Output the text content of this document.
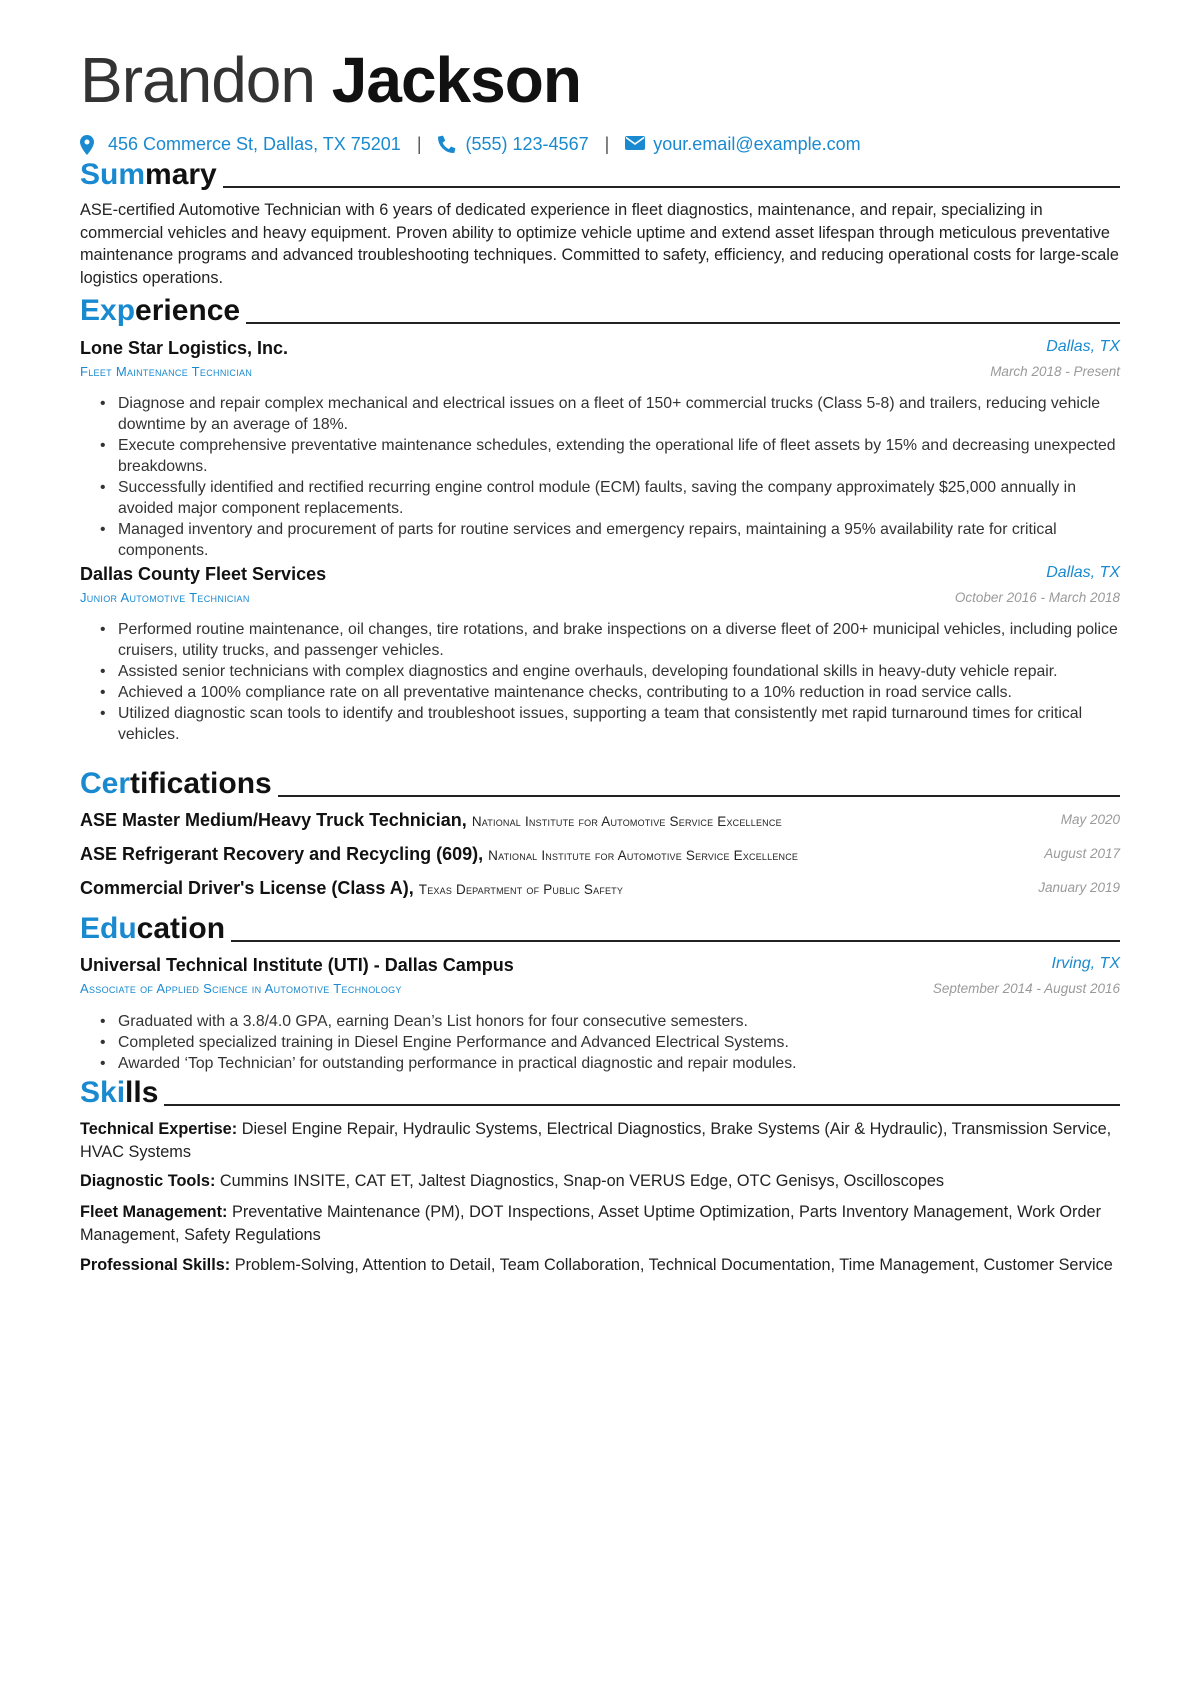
Brandon Jackson
456 Commerce St, Dallas, TX 75201 | (555) 123-4567 | your.email@example.com
Summary
ASE-certified Automotive Technician with 6 years of dedicated experience in fleet diagnostics, maintenance, and repair, specializing in commercial vehicles and heavy equipment. Proven ability to optimize vehicle uptime and extend asset lifespan through meticulous preventative maintenance programs and advanced troubleshooting techniques. Committed to safety, efficiency, and reducing operational costs for large-scale logistics operations.
Experience
Lone Star Logistics, Inc.	Dallas, TX
Fleet Maintenance Technician	March 2018 - Present
• Diagnose and repair complex mechanical and electrical issues on a fleet of 150+ commercial trucks (Class 5-8) and trailers, reducing vehicle downtime by an average of 18%.
• Execute comprehensive preventative maintenance schedules, extending the operational life of fleet assets by 15% and decreasing unexpected breakdowns.
• Successfully identified and rectified recurring engine control module (ECM) faults, saving the company approximately $25,000 annually in avoided major component replacements.
• Managed inventory and procurement of parts for routine services and emergency repairs, maintaining a 95% availability rate for critical components.
Dallas County Fleet Services	Dallas, TX
Junior Automotive Technician	October 2016 - March 2018
• Performed routine maintenance, oil changes, tire rotations, and brake inspections on a diverse fleet of 200+ municipal vehicles, including police cruisers, utility trucks, and passenger vehicles.
• Assisted senior technicians with complex diagnostics and engine overhauls, developing foundational skills in heavy-duty vehicle repair.
• Achieved a 100% compliance rate on all preventative maintenance checks, contributing to a 10% reduction in road service calls.
• Utilized diagnostic scan tools to identify and troubleshoot issues, supporting a team that consistently met rapid turnaround times for critical vehicles.
Certifications
ASE Master Medium/Heavy Truck Technician, National Institute for Automotive Service Excellence	May 2020
ASE Refrigerant Recovery and Recycling (609), National Institute for Automotive Service Excellence	August 2017
Commercial Driver's License (Class A), Texas Department of Public Safety	January 2019
Education
Universal Technical Institute (UTI) - Dallas Campus	Irving, TX
Associate of Applied Science in Automotive Technology	September 2014 - August 2016
• Graduated with a 3.8/4.0 GPA, earning Dean’s List honors for four consecutive semesters.
• Completed specialized training in Diesel Engine Performance and Advanced Electrical Systems.
• Awarded ‘Top Technician’ for outstanding performance in practical diagnostic and repair modules.
Skills
Technical Expertise: Diesel Engine Repair, Hydraulic Systems, Electrical Diagnostics, Brake Systems (Air & Hydraulic), Transmission Service, HVAC Systems
Diagnostic Tools: Cummins INSITE, CAT ET, Jaltest Diagnostics, Snap-on VERUS Edge, OTC Genisys, Oscilloscopes
Fleet Management: Preventative Maintenance (PM), DOT Inspections, Asset Uptime Optimization, Parts Inventory Management, Work Order Management, Safety Regulations
Professional Skills: Problem-Solving, Attention to Detail, Team Collaboration, Technical Documentation, Time Management, Customer Service
